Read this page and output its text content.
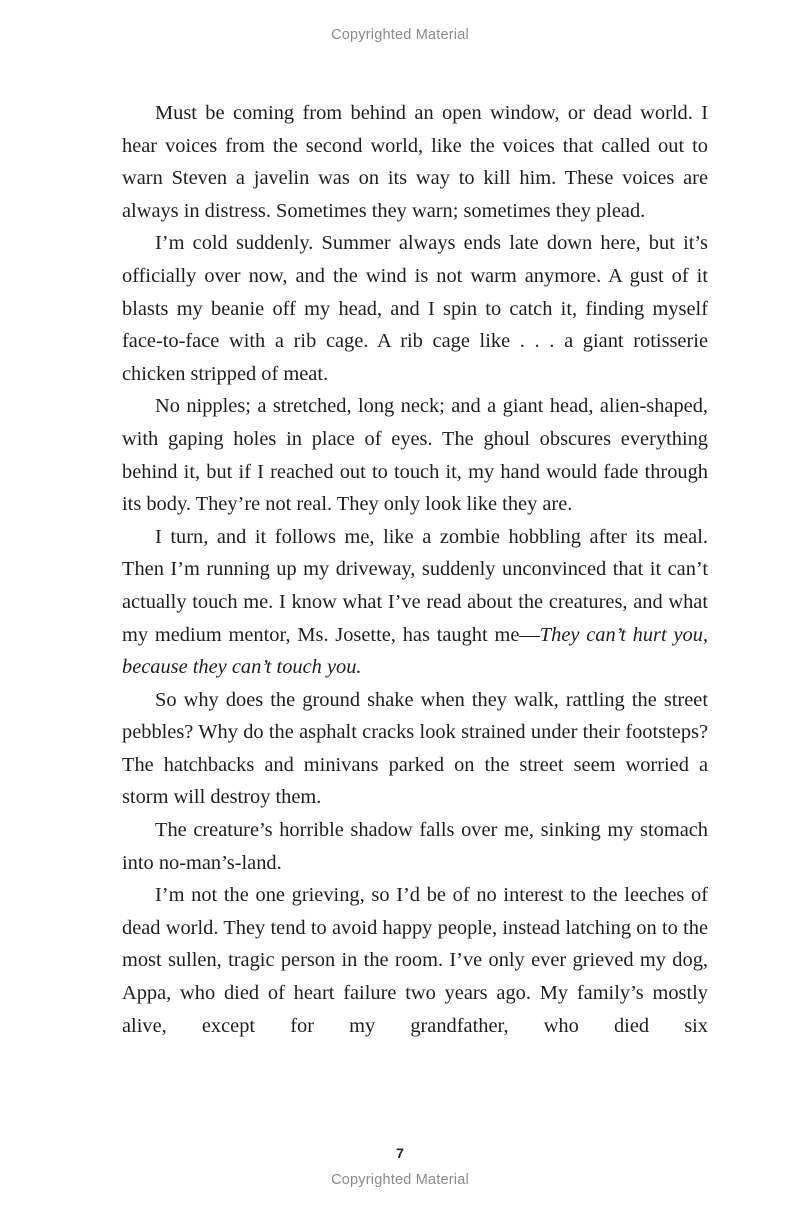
Copyrighted Material

Must be coming from behind an open window, or dead world. I hear voices from the second world, like the voices that called out to warn Steven a javelin was on its way to kill him. These voices are always in distress. Sometimes they warn; sometimes they plead.

I’m cold suddenly. Summer always ends late down here, but it’s officially over now, and the wind is not warm anymore. A gust of it blasts my beanie off my head, and I spin to catch it, finding myself face-to-face with a rib cage. A rib cage like . . . a giant rotisserie chicken stripped of meat.

No nipples; a stretched, long neck; and a giant head, alien-shaped, with gaping holes in place of eyes. The ghoul obscures everything behind it, but if I reached out to touch it, my hand would fade through its body. They’re not real. They only look like they are.

I turn, and it follows me, like a zombie hobbling after its meal. Then I’m running up my driveway, suddenly unconvinced that it can’t actually touch me. I know what I’ve read about the creatures, and what my medium mentor, Ms. Josette, has taught me—They can’t hurt you, because they can’t touch you.

So why does the ground shake when they walk, rattling the street pebbles? Why do the asphalt cracks look strained under their footsteps? The hatchbacks and minivans parked on the street seem worried a storm will destroy them.

The creature’s horrible shadow falls over me, sinking my stomach into no-man’s-land.

I’m not the one grieving, so I’d be of no interest to the leeches of dead world. They tend to avoid happy people, instead latching on to the most sullen, tragic person in the room. I’ve only ever grieved my dog, Appa, who died of heart failure two years ago. My family’s mostly alive, except for my grandfather, who died six

7
Copyrighted Material
